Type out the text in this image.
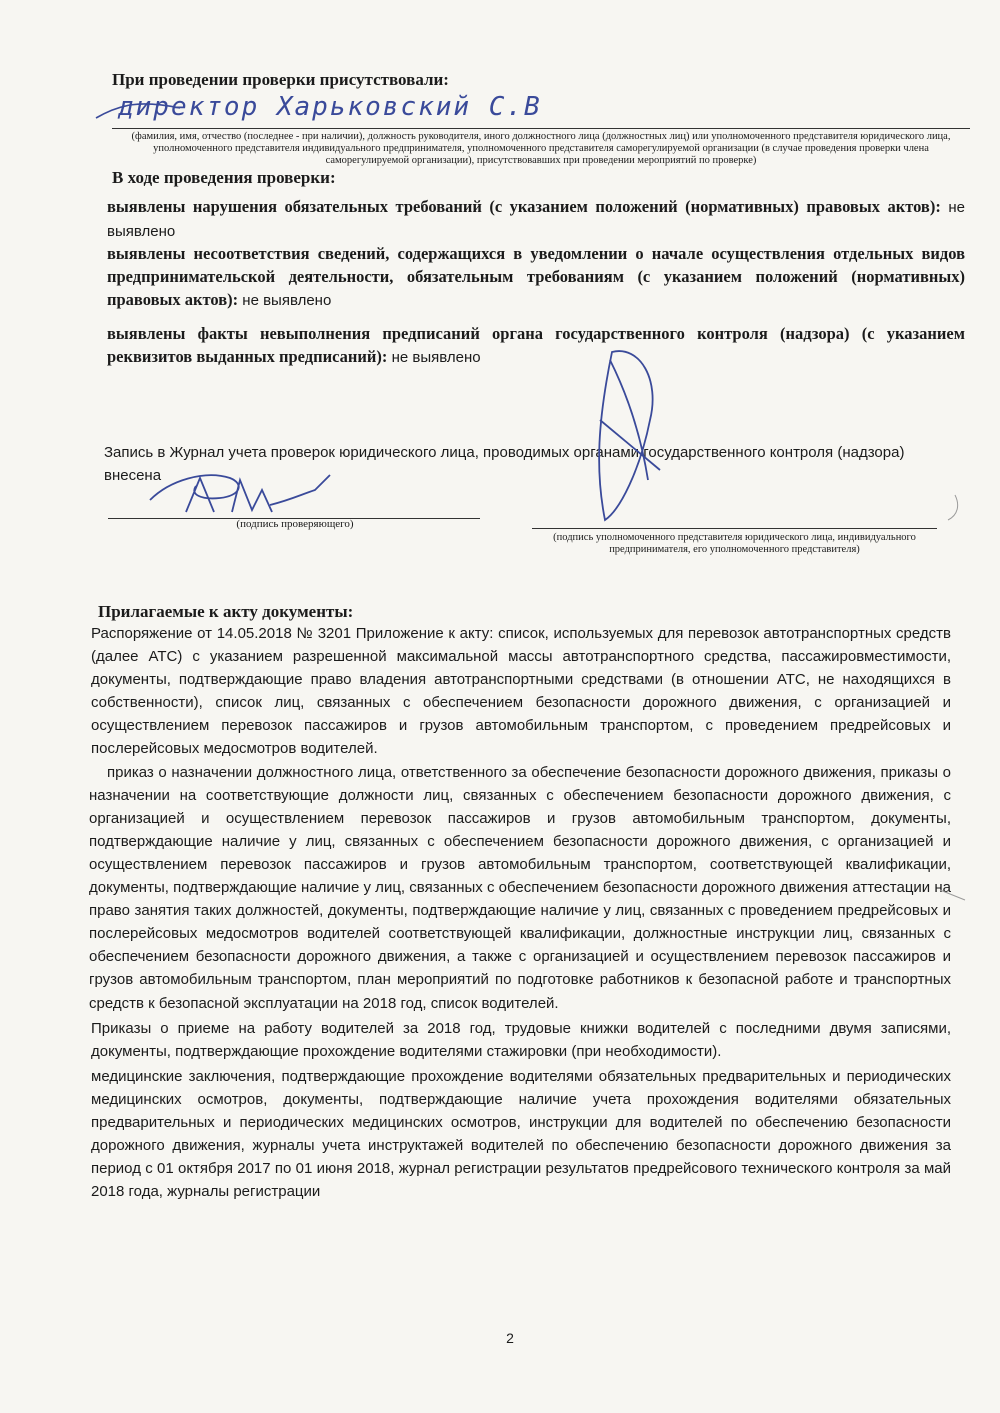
При проведении проверки присутствовали:
директор Харьковский С.В
(фамилия, имя, отчество (последнее - при наличии), должность руководителя, иного должностного лица (должностных лиц) или уполномоченного представителя юридического лица, уполномоченного представителя индивидуального предпринимателя, уполномоченного представителя саморегулируемой организации (в случае проведения проверки члена саморегулируемой организации), присутствовавших при проведении мероприятий по проверке)
В ходе проведения проверки:
выявлены нарушения обязательных требований (с указанием положений (нормативных) правовых актов): не выявлено
выявлены несоответствия сведений, содержащихся в уведомлении о начале осуществления отдельных видов предпринимательской деятельности, обязательным требованиям (с указанием положений (нормативных) правовых актов): не выявлено
выявлены факты невыполнения предписаний органа государственного контроля (надзора) (с указанием реквизитов выданных предписаний): не выявлено
Запись в Журнал учета проверок юридического лица, проводимых органами государственного контроля (надзора) внесена
(подпись проверяющего)
(подпись уполномоченного представителя юридического лица, индивидуального предпринимателя, его уполномоченного представителя)
Прилагаемые к акту документы:
Распоряжение от 14.05.2018 № 3201 Приложение к акту: список, используемых для перевозок автотранспортных средств (далее АТС) с указанием разрешенной максимальной массы автотранспортного средства, пассажировместимости, документы, подтверждающие право владения автотранспортными средствами (в отношении АТС, не находящихся в собственности), список лиц, связанных с обеспечением безопасности дорожного движения, с организацией и осуществлением перевозок пассажиров и грузов автомобильным транспортом, с проведением предрейсовых и послерейсовых медосмотров водителей.
приказ о назначении должностного лица, ответственного за обеспечение безопасности дорожного движения, приказы о назначении на соответствующие должности лиц, связанных с обеспечением безопасности дорожного движения, с организацией и осуществлением перевозок пассажиров и грузов автомобильным транспортом, документы, подтверждающие наличие у лиц, связанных с обеспечением безопасности дорожного движения, с организацией и осуществлением перевозок пассажиров и грузов автомобильным транспортом, соответствующей квалификации, документы, подтверждающие наличие у лиц, связанных с обеспечением безопасности дорожного движения аттестации на право занятия таких должностей, документы, подтверждающие наличие у лиц, связанных с проведением предрейсовых и послерейсовых медосмотров водителей соответствующей квалификации, должностные инструкции лиц, связанных с обеспечением безопасности дорожного движения, а также с организацией и осуществлением перевозок пассажиров и грузов автомобильным транспортом, план мероприятий по подготовке работников к безопасной работе и транспортных средств к безопасной эксплуатации на 2018 год, список водителей.
Приказы о приеме на работу водителей за 2018 год, трудовые книжки водителей с последними двумя записями, документы, подтверждающие прохождение водителями стажировки (при необходимости).
медицинские заключения, подтверждающие прохождение водителями обязательных предварительных и периодических медицинских осмотров, документы, подтверждающие наличие учета прохождения водителями обязательных предварительных и периодических медицинских осмотров, инструкции для водителей по обеспечению безопасности дорожного движения, журналы учета инструктажей водителей по обеспечению безопасности дорожного движения за период с 01 октября 2017 по 01 июня 2018, журнал регистрации результатов предрейсового технического контроля за май 2018 года, журналы регистрации
2
